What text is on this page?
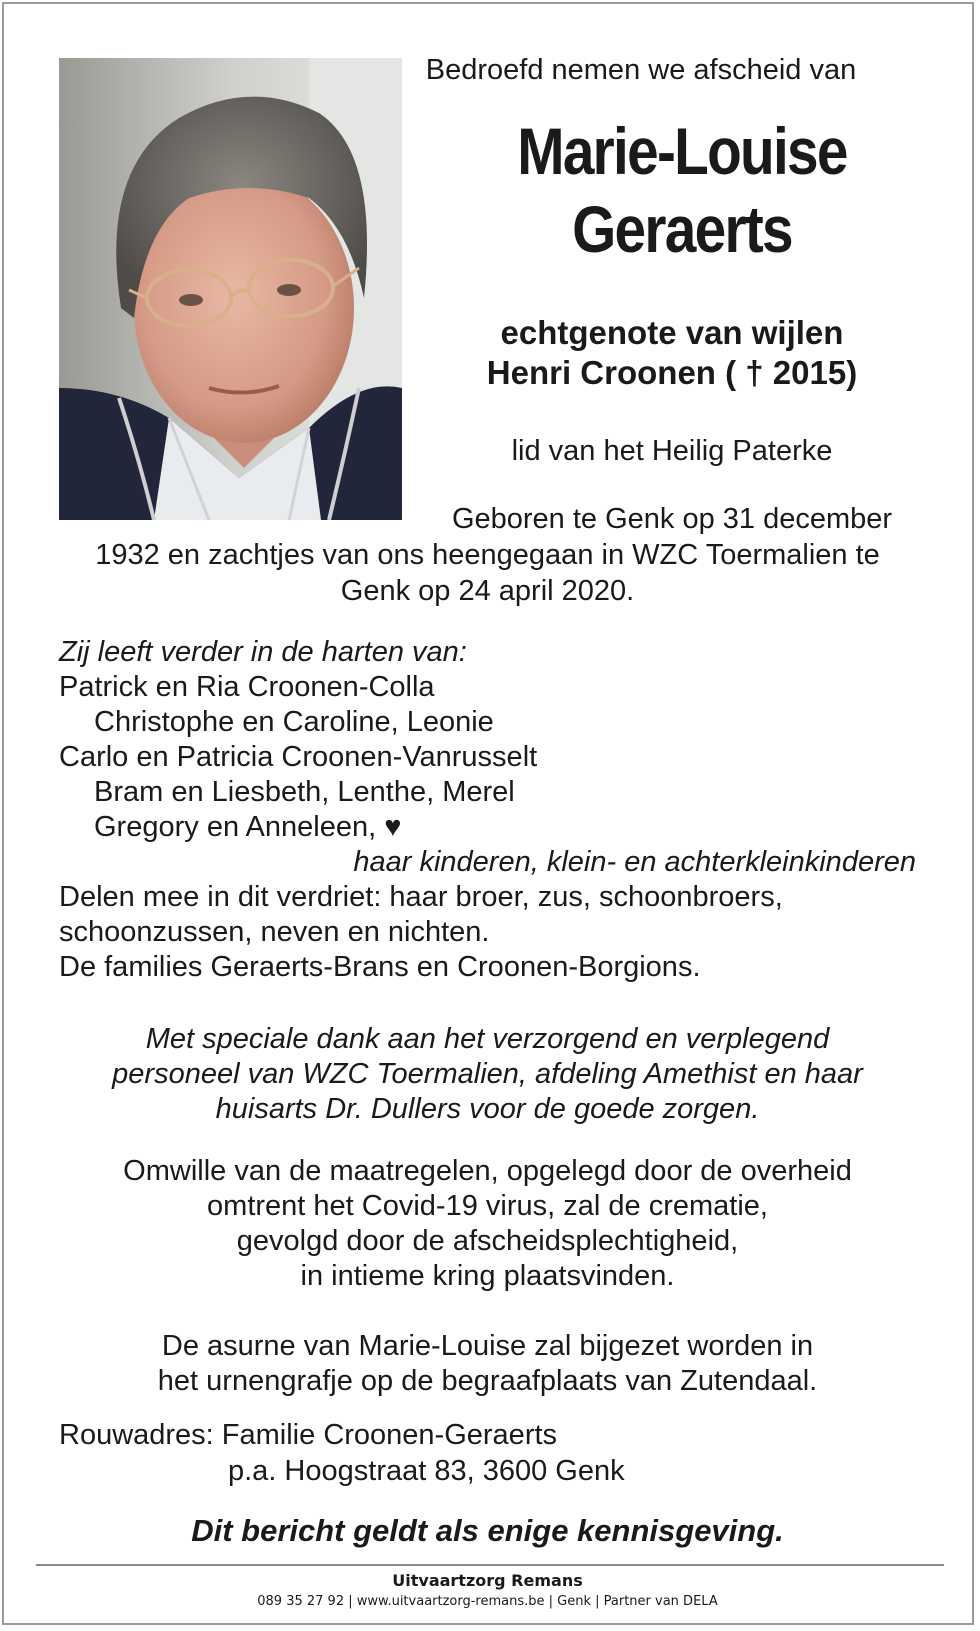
Bedroefd nemen we afscheid van
Marie-Louise
Geraerts
echtgenote van wijlen
Henri Croonen ( † 2015)
lid van het Heilig Paterke
Geboren te Genk op 31 december
1932 en zachtjes van ons heengegaan in WZC Toermalien te
Genk op 24 april 2020.
Zij leeft verder in de harten van:
Patrick en Ria Croonen-Colla
Christophe en Caroline, Leonie
Carlo en Patricia Croonen-Vanrusselt
Bram en Liesbeth, Lenthe, Merel
Gregory en Anneleen, ♥
haar kinderen, klein- en achterkleinkinderen
Delen mee in dit verdriet: haar broer, zus, schoonbroers,
schoonzussen, neven en nichten.
De families Geraerts-Brans en Croonen-Borgions.
Met speciale dank aan het verzorgend en verplegend
personeel van WZC Toermalien, afdeling Amethist en haar
huisarts Dr. Dullers voor de goede zorgen.
Omwille van de maatregelen, opgelegd door de overheid
omtrent het Covid-19 virus, zal de crematie,
gevolgd door de afscheidsplechtigheid,
in intieme kring plaatsvinden.
De asurne van Marie-Louise zal bijgezet worden in
het urnengrafje op de begraafplaats van Zutendaal.
Rouwadres: Familie Croonen-Geraerts
p.a. Hoogstraat 83, 3600 Genk
Dit bericht geldt als enige kennisgeving.
Uitvaartzorg Remans
089 35 27 92 | www.uitvaartzorg-remans.be | Genk | Partner van DELA
